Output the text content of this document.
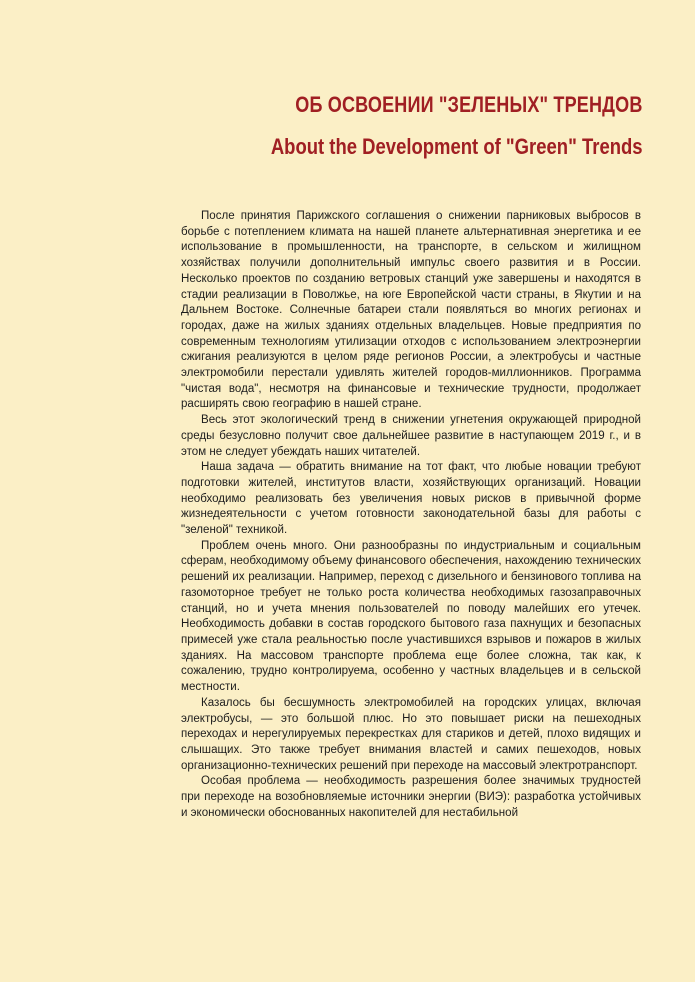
ОБ ОСВОЕНИИ "ЗЕЛЕНЫХ" ТРЕНДОВ
About the Development of "Green" Trends

После принятия Парижского соглашения о снижении парниковых выбросов в борьбе с потеплением климата на нашей планете альтернативная энергетика и ее использование в промышленности, на транспорте, в сельском и жилищном хозяйствах получили дополнительный импульс своего развития и в России. Несколько проектов по созданию ветровых станций уже завершены и находятся в стадии реализации в Поволжье, на юге Европейской части страны, в Якутии и на Дальнем Востоке. Солнечные батареи стали появляться во многих регионах и городах, даже на жилых зданиях отдельных владельцев. Новые предприятия по современным технологиям утилизации отходов с использованием электроэнергии сжигания реализуются в целом ряде регионов России, а электробусы и частные электромобили перестали удивлять жителей городов-миллионников. Программа "чистая вода", несмотря на финансовые и технические трудности, продолжает расширять свою географию в нашей стране.

Весь этот экологический тренд в снижении угнетения окружающей природной среды безусловно получит свое дальнейшее развитие в наступающем 2019 г., и в этом не следует убеждать наших читателей.

Наша задача — обратить внимание на тот факт, что любые новации требуют подготовки жителей, институтов власти, хозяйствующих организаций. Новации необходимо реализовать без увеличения новых рисков в привычной форме жизнедеятельности с учетом готовности законодательной базы для работы с "зеленой" техникой.

Проблем очень много. Они разнообразны по индустриальным и социальным сферам, необходимому объему финансового обеспечения, нахождению технических решений их реализации. Например, переход с дизельного и бензинового топлива на газомоторное требует не только роста количества необходимых газозаправочных станций, но и учета мнения пользователей по поводу малейших его утечек. Необходимость добавки в состав городского бытового газа пахнущих и безопасных примесей уже стала реальностью после участившихся взрывов и пожаров в жилых зданиях. На массовом транспорте проблема еще более сложна, так как, к сожалению, трудно контролируема, особенно у частных владельцев и в сельской местности.

Казалось бы бесшумность электромобилей на городских улицах, включая электробусы, — это большой плюс. Но это повышает риски на пешеходных переходах и нерегулируемых перекрестках для стариков и детей, плохо видящих и слышащих. Это также требует внимания властей и самих пешеходов, новых организационно-технических решений при переходе на массовый электротранспорт.

Особая проблема — необходимость разрешения более значимых трудностей при переходе на возобновляемые источники энергии (ВИЭ): разработка устойчивых и экономически обоснованных накопителей для нестабильной
